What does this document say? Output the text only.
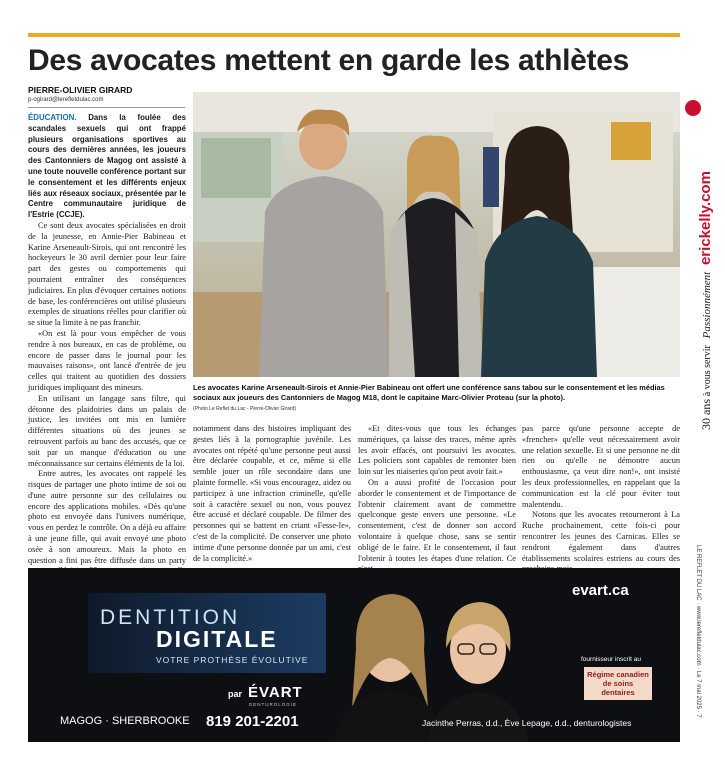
Des avocates mettent en garde les athlètes
PIERRE-OLIVIER GIRARD
p-ogirard@lerefletdulac.com

ÉDUCATION. Dans la foulée des scandales sexuels qui ont frappé plusieurs organisations sportives au cours des dernières années, les joueurs des Cantonniers de Magog ont assisté à une toute nouvelle conférence portant sur le consentement et les différents enjeux liés aux réseaux sociaux, présentée par le Centre communautaire juridique de l'Estrie (CCJE).

Ce sont deux avocates spécialisées en droit de la jeunesse, en Annie-Pier Babineau et Karine Arseneault-Sirois, qui ont rencontré les hockeyeurs le 30 avril dernier pour leur faire part des gestes ou comportements qui pourraient entraîner des conséquences judiciaires. En plus d'évoquer certaines notions de base, les conférencières ont utilisé plusieurs exemples de situations réelles pour clarifier où se situe la limite à ne pas franchir.

«On est là pour vous empêcher de vous rendre à nos bureaux, en cas de problème, ou encore de passer dans le journal pour les mauvaises raisons», ont lancé d'entrée de jeu celles qui traitent au quotidien des dossiers juridiques impliquant des mineurs.

En utilisant un langage sans filtre, qui détonne des plaidoiries dans un palais de justice, les invitées ont mis en lumière différentes situations où des jeunes se retrouvent parfois au banc des accusés, que ce soit par un manque d'éducation ou une méconnaissance sur certains éléments de la loi.

Entre autres, les avocates ont rappelé les risques de partager une photo intime de soi ou d'une autre personne sur des cellulaires ou encore des applications mobiles. «Dès qu'une photo est envoyée dans l'univers numérique, vous en perdez le contrôle. On a déjà eu affaire à une jeune fille, qui avait envoyé une photo osée à son amoureux. Mais la photo en question a fini pas être diffusée dans un party

Les avocates Karine Arseneault-Sirois et Annie-Pier Babineau ont offert une conférence sans tabou sur le consentement et les médias sociaux aux joueurs des Cantonniers de Magog M18, dont le capitaine Marc-Olivier Proteau (sur la photo).
(Photo Le Reflet du Lac - Pierre-Olivier Girard)

notamment dans des histoires impliquant des gestes liés à la pornographie juvénile. Les avocates ont répété qu'une personne peut aussi être déclarée coupable, et ce, même si elle semble jouer un rôle secondaire dans une plainte formelle. «Si vous encouragez, aidez ou participez à une infraction criminelle, qu'elle soit à caractère sexuel ou non, vous pouvez être accusé et déclaré coupable. De filmer des personnes qui se battent en criant «Fesse-le», c'est de la complicité. De conserver une photo intime d'une personne donnée par un ami, c'est de la complicité.»

«Et dites-vous que tous les échanges numériques, ça laisse des traces, même après les avoir effacés, ont poursuivi les avocates. Les policiers sont capables de remonter bien loin sur les niaiseries qu'on peut avoir fait.»

On a aussi profité de l'occasion pour aborder le consentement et de l'importance de l'obtenir clairement avant de commettre quelconque geste envers une personne. «Le consentement, c'est de donner son accord volontaire à quelque chose, sans se sentir obligé de le faire. Et le consentement, il faut l'obtenir à toutes les étapes d'une relation. Ce

pas parce qu'une personne accepte de «frencher» qu'elle veut nécessairement avoir une relation sexuelle. Et si une personne ne dit rien ou qu'elle ne démontre aucun enthousiasme, ça veut dire non!», ont insisté les deux professionnelles, en rappelant que la communication est la clé pour éviter tout malentendu.

Notons que les avocates retourneront à La Ruche prochainement, cette fois-ci pour rencontrer les jeunes des Carnicas. Elles se rendront également dans d'autres établissements scolaires estriens au cours des

30 ans à vous servir Passionnément erickelly.com
DENTITION
DIGITALE
VOTRE PROTHÈSE ÉVOLUTIVE
par ÉVART
DENTUROLOGIE
MAGOG · SHERBROOKE 819 201-2201
evart.ca
fournisseur inscrit au
Régime canadien de soins dentaires
Jacinthe Perras, d.d., Ève Lepage, d.d., denturologistes
LE REFLET DU LAC · www.lerefletdulac.com · Le 7 mai 2025 · 7
